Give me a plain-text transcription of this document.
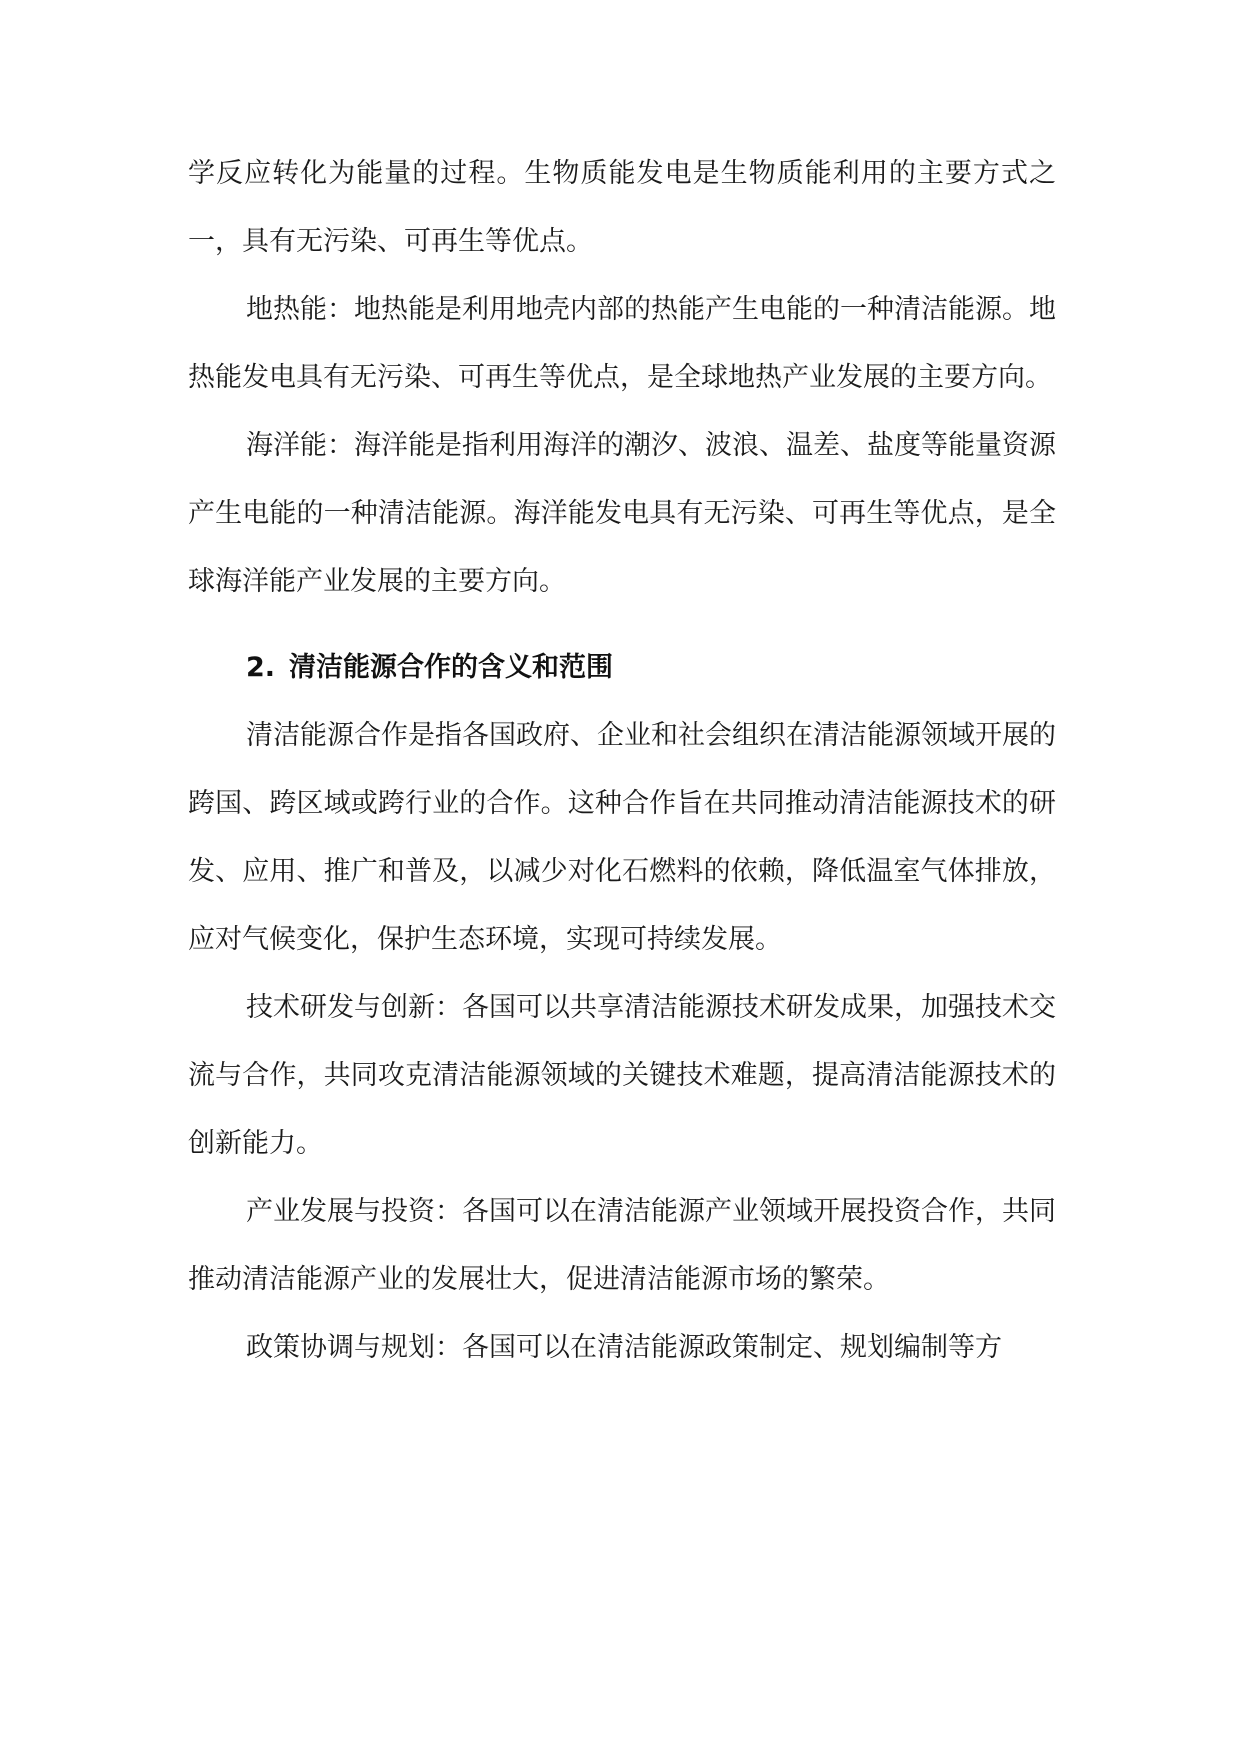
学反应转化为能量的过程。生物质能发电是生物质能利用的主要方式之一，具有无污染、可再生等优点。

地热能：地热能是利用地壳内部的热能产生电能的一种清洁能源。地热能发电具有无污染、可再生等优点，是全球地热产业发展的主要方向。

海洋能：海洋能是指利用海洋的潮汐、波浪、温差、盐度等能量资源产生电能的一种清洁能源。海洋能发电具有无污染、可再生等优点，是全球海洋能产业发展的主要方向。

2. 清洁能源合作的含义和范围

清洁能源合作是指各国政府、企业和社会组织在清洁能源领域开展的跨国、跨区域或跨行业的合作。这种合作旨在共同推动清洁能源技术的研发、应用、推广和普及，以减少对化石燃料的依赖，降低温室气体排放，应对气候变化，保护生态环境，实现可持续发展。

技术研发与创新：各国可以共享清洁能源技术研发成果，加强技术交流与合作，共同攻克清洁能源领域的关键技术难题，提高清洁能源技术的创新能力。

产业发展与投资：各国可以在清洁能源产业领域开展投资合作，共同推动清洁能源产业的发展壮大，促进清洁能源市场的繁荣。

政策协调与规划：各国可以在清洁能源政策制定、规划编制等方
